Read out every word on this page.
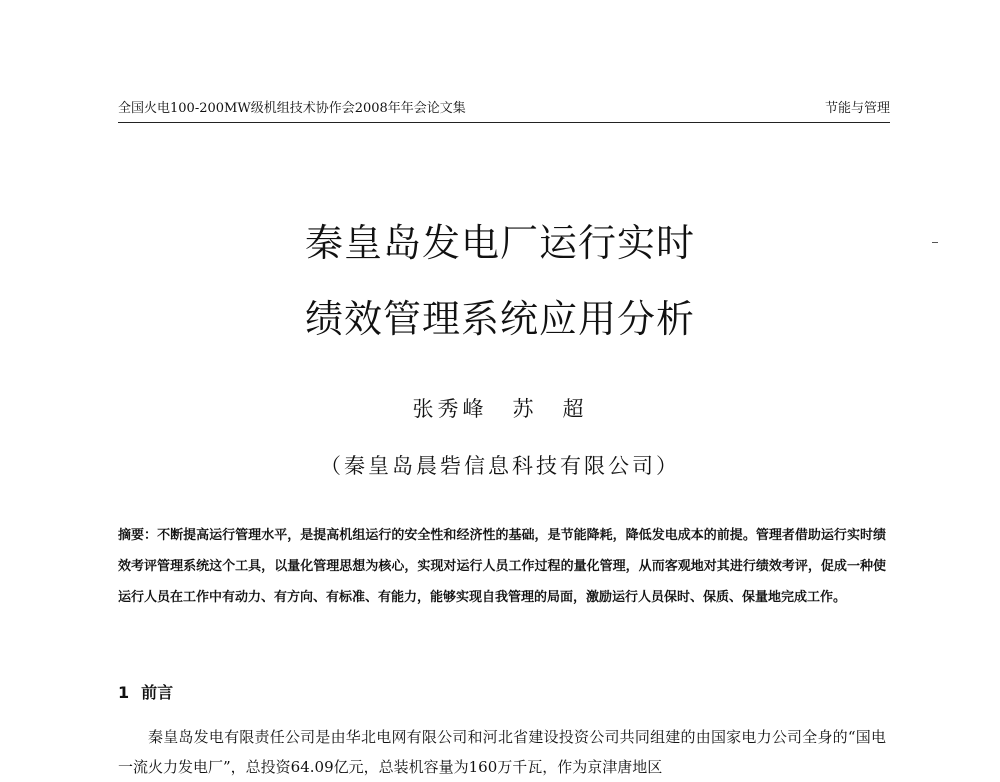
全国火电100-200MW级机组技术协作会2008年年会论文集	节能与管理
秦皇岛发电厂运行实时
绩效管理系统应用分析
张秀峰　苏　超
（秦皇岛晨砦信息科技有限公司）
摘要：不断提高运行管理水平，是提高机组运行的安全性和经济性的基础，是节能降耗，降低发电成本的前提。管理者借助运行实时绩效考评管理系统这个工具，以量化管理思想为核心，实现对运行人员工作过程的量化管理，从而客观地对其进行绩效考评，促成一种使运行人员在工作中有动力、有方向、有标准、有能力，能够实现自我管理的局面，激励运行人员保时、保质、保量地完成工作。
1 前言
秦皇岛发电有限责任公司是由华北电网有限公司和河北省建设投资公司共同组建的由国家电力公司全身的“国电一流火力发电厂”，总投资64.09亿元，总装机容量为160万千瓦，作为京津唐地区
